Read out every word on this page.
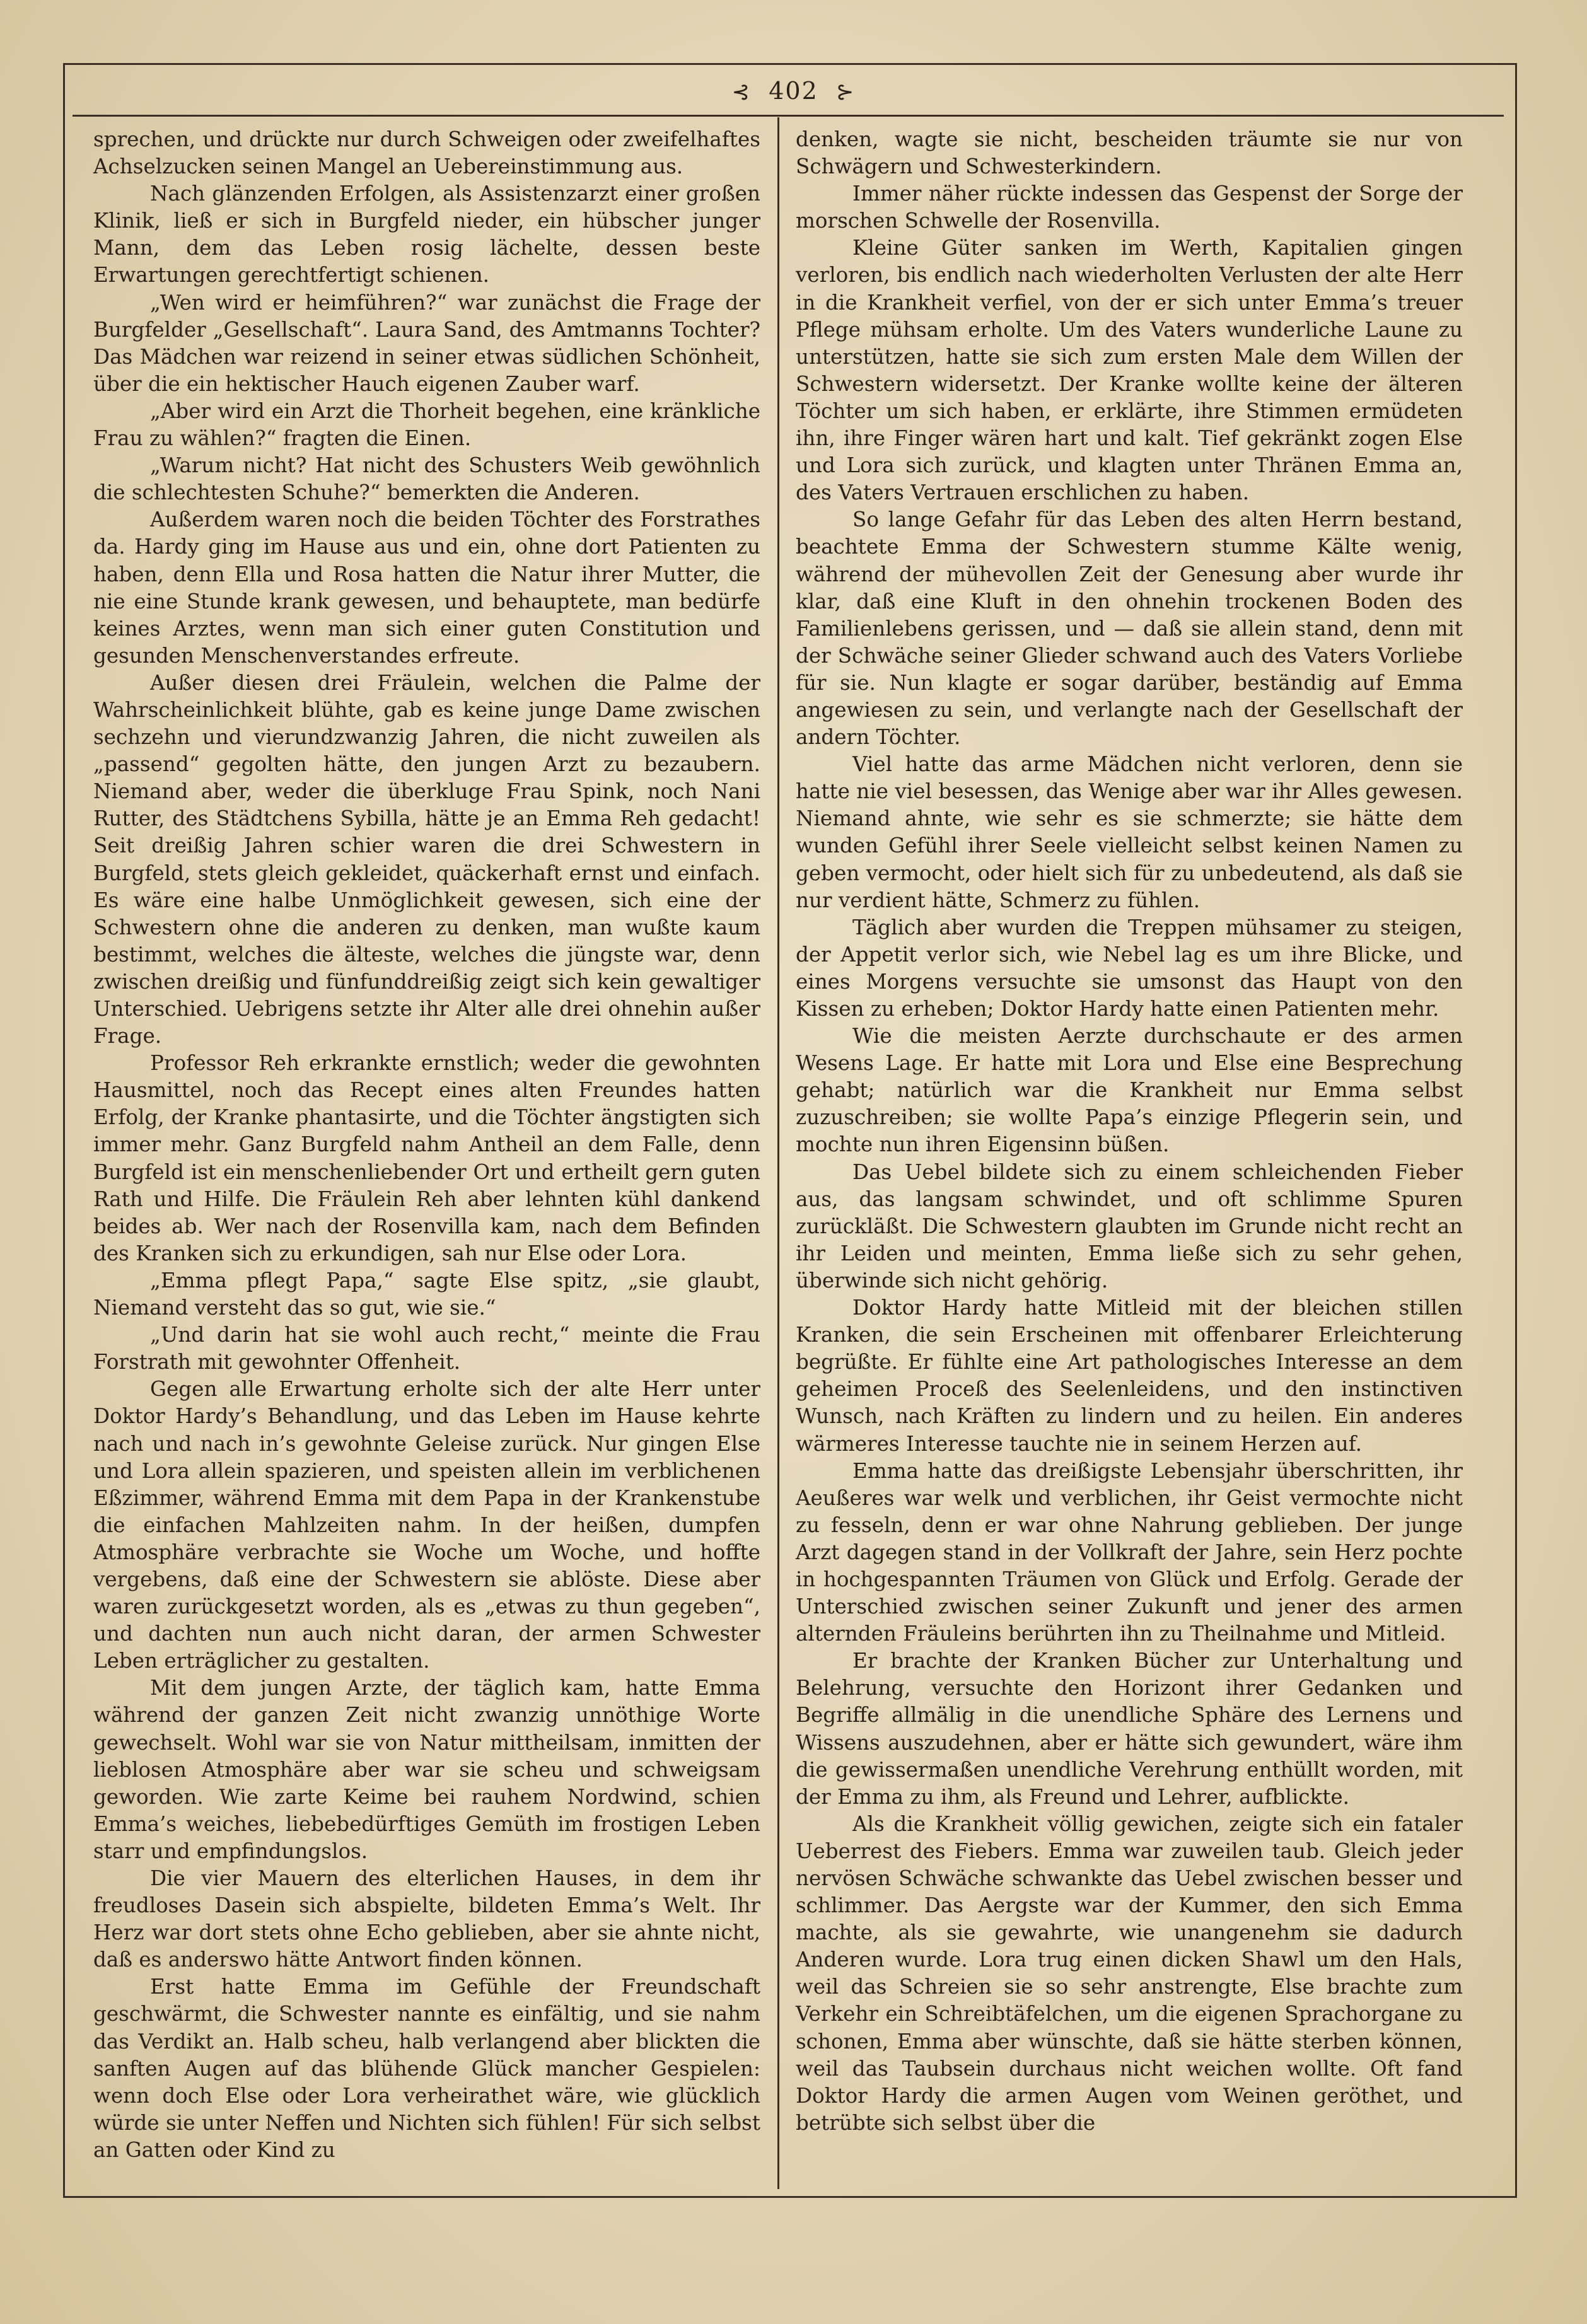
⊰ 402 ⊱

sprechen, und drückte nur durch Schweigen oder zweifelhaftes Achselzucken seinen Mangel an Uebereinstimmung aus.

Nach glänzenden Erfolgen, als Assistenzarzt einer großen Klinik, ließ er sich in Burgfeld nieder, ein hübscher junger Mann, dem das Leben rosig lächelte, dessen beste Erwartungen gerechtfertigt schienen.

„Wen wird er heimführen?“ war zunächst die Frage der Burgfelder „Gesellschaft“. Laura Sand, des Amtmanns Tochter? Das Mädchen war reizend in seiner etwas südlichen Schönheit, über die ein hektischer Hauch eigenen Zauber warf.

„Aber wird ein Arzt die Thorheit begehen, eine kränkliche Frau zu wählen?“ fragten die Einen.

„Warum nicht? Hat nicht des Schusters Weib gewöhnlich die schlechtesten Schuhe?“ bemerkten die Anderen.

Außerdem waren noch die beiden Töchter des Forstrathes da. Hardy ging im Hause aus und ein, ohne dort Patienten zu haben, denn Ella und Rosa hatten die Natur ihrer Mutter, die nie eine Stunde krank gewesen, und behauptete, man bedürfe keines Arztes, wenn man sich einer guten Constitution und gesunden Menschenverstandes erfreute.

Außer diesen drei Fräulein, welchen die Palme der Wahrscheinlichkeit blühte, gab es keine junge Dame zwischen sechzehn und vierundzwanzig Jahren, die nicht zuweilen als „passend“ gegolten hätte, den jungen Arzt zu bezaubern. Niemand aber, weder die überkluge Frau Spink, noch Nani Rutter, des Städtchens Sybilla, hätte je an Emma Reh gedacht! Seit dreißig Jahren schier waren die drei Schwestern in Burgfeld, stets gleich gekleidet, quäckerhaft ernst und einfach. Es wäre eine halbe Unmöglichkeit gewesen, sich eine der Schwestern ohne die anderen zu denken, man wußte kaum bestimmt, welches die älteste, welches die jüngste war, denn zwischen dreißig und fünfunddreißig zeigt sich kein gewaltiger Unterschied. Uebrigens setzte ihr Alter alle drei ohnehin außer Frage.

Professor Reh erkrankte ernstlich; weder die gewohnten Hausmittel, noch das Recept eines alten Freundes hatten Erfolg, der Kranke phantasirte, und die Töchter ängstigten sich immer mehr. Ganz Burgfeld nahm Antheil an dem Falle, denn Burgfeld ist ein menschenliebender Ort und ertheilt gern guten Rath und Hilfe. Die Fräulein Reh aber lehnten kühl dankend beides ab. Wer nach der Rosenvilla kam, nach dem Befinden des Kranken sich zu erkundigen, sah nur Else oder Lora.

„Emma pflegt Papa,“ sagte Else spitz, „sie glaubt, Niemand versteht das so gut, wie sie.“

„Und darin hat sie wohl auch recht,“ meinte die Frau Forstrath mit gewohnter Offenheit.

Gegen alle Erwartung erholte sich der alte Herr unter Doktor Hardy’s Behandlung, und das Leben im Hause kehrte nach und nach in’s gewohnte Geleise zurück. Nur gingen Else und Lora allein spazieren, und speisten allein im verblichenen Eßzimmer, während Emma mit dem Papa in der Krankenstube die einfachen Mahlzeiten nahm. In der heißen, dumpfen Atmosphäre verbrachte sie Woche um Woche, und hoffte vergebens, daß eine der Schwestern sie ablöste. Diese aber waren zurückgesetzt worden, als es „etwas zu thun gegeben“, und dachten nun auch nicht daran, der armen Schwester Leben erträglicher zu gestalten.

Mit dem jungen Arzte, der täglich kam, hatte Emma während der ganzen Zeit nicht zwanzig unnöthige Worte gewechselt. Wohl war sie von Natur mittheilsam, inmitten der lieblosen Atmosphäre aber war sie scheu und schweigsam geworden. Wie zarte Keime bei rauhem Nordwind, schien Emma’s weiches, liebebedürftiges Gemüth im frostigen Leben starr und empfindungslos.

Die vier Mauern des elterlichen Hauses, in dem ihr freudloses Dasein sich abspielte, bildeten Emma’s Welt. Ihr Herz war dort stets ohne Echo geblieben, aber sie ahnte nicht, daß es anderswo hätte Antwort finden können.

Erst hatte Emma im Gefühle der Freundschaft geschwärmt, die Schwester nannte es einfältig, und sie nahm das Verdikt an. Halb scheu, halb verlangend aber blickten die sanften Augen auf das blühende Glück mancher Gespielen: wenn doch Else oder Lora verheirathet wäre, wie glücklich würde sie unter Neffen und Nichten sich fühlen! Für sich selbst an Gatten oder Kind zu

denken, wagte sie nicht, bescheiden träumte sie nur von Schwägern und Schwesterkindern.

Immer näher rückte indessen das Gespenst der Sorge der morschen Schwelle der Rosenvilla.

Kleine Güter sanken im Werth, Kapitalien gingen verloren, bis endlich nach wiederholten Verlusten der alte Herr in die Krankheit verfiel, von der er sich unter Emma’s treuer Pflege mühsam erholte. Um des Vaters wunderliche Laune zu unterstützen, hatte sie sich zum ersten Male dem Willen der Schwestern widersetzt. Der Kranke wollte keine der älteren Töchter um sich haben, er erklärte, ihre Stimmen ermüdeten ihn, ihre Finger wären hart und kalt. Tief gekränkt zogen Else und Lora sich zurück, und klagten unter Thränen Emma an, des Vaters Vertrauen erschlichen zu haben.

So lange Gefahr für das Leben des alten Herrn bestand, beachtete Emma der Schwestern stumme Kälte wenig, während der mühevollen Zeit der Genesung aber wurde ihr klar, daß eine Kluft in den ohnehin trockenen Boden des Familienlebens gerissen, und — daß sie allein stand, denn mit der Schwäche seiner Glieder schwand auch des Vaters Vorliebe für sie. Nun klagte er sogar darüber, beständig auf Emma angewiesen zu sein, und verlangte nach der Gesellschaft der andern Töchter.

Viel hatte das arme Mädchen nicht verloren, denn sie hatte nie viel besessen, das Wenige aber war ihr Alles gewesen. Niemand ahnte, wie sehr es sie schmerzte; sie hätte dem wunden Gefühl ihrer Seele vielleicht selbst keinen Namen zu geben vermocht, oder hielt sich für zu unbedeutend, als daß sie nur verdient hätte, Schmerz zu fühlen.

Täglich aber wurden die Treppen mühsamer zu steigen, der Appetit verlor sich, wie Nebel lag es um ihre Blicke, und eines Morgens versuchte sie umsonst das Haupt von den Kissen zu erheben; Doktor Hardy hatte einen Patienten mehr.

Wie die meisten Aerzte durchschaute er des armen Wesens Lage. Er hatte mit Lora und Else eine Besprechung gehabt; natürlich war die Krankheit nur Emma selbst zuzuschreiben; sie wollte Papa’s einzige Pflegerin sein, und mochte nun ihren Eigensinn büßen.

Das Uebel bildete sich zu einem schleichenden Fieber aus, das langsam schwindet, und oft schlimme Spuren zurückläßt. Die Schwestern glaubten im Grunde nicht recht an ihr Leiden und meinten, Emma ließe sich zu sehr gehen, überwinde sich nicht gehörig.

Doktor Hardy hatte Mitleid mit der bleichen stillen Kranken, die sein Erscheinen mit offenbarer Erleichterung begrüßte. Er fühlte eine Art pathologisches Interesse an dem geheimen Proceß des Seelenleidens, und den instinctiven Wunsch, nach Kräften zu lindern und zu heilen. Ein anderes wärmeres Interesse tauchte nie in seinem Herzen auf.

Emma hatte das dreißigste Lebensjahr überschritten, ihr Aeußeres war welk und verblichen, ihr Geist vermochte nicht zu fesseln, denn er war ohne Nahrung geblieben. Der junge Arzt dagegen stand in der Vollkraft der Jahre, sein Herz pochte in hochgespannten Träumen von Glück und Erfolg. Gerade der Unterschied zwischen seiner Zukunft und jener des armen alternden Fräuleins berührten ihn zu Theilnahme und Mitleid.

Er brachte der Kranken Bücher zur Unterhaltung und Belehrung, versuchte den Horizont ihrer Gedanken und Begriffe allmälig in die unendliche Sphäre des Lernens und Wissens auszudehnen, aber er hätte sich gewundert, wäre ihm die gewissermaßen unendliche Verehrung enthüllt worden, mit der Emma zu ihm, als Freund und Lehrer, aufblickte.

Als die Krankheit völlig gewichen, zeigte sich ein fataler Ueberrest des Fiebers. Emma war zuweilen taub. Gleich jeder nervösen Schwäche schwankte das Uebel zwischen besser und schlimmer. Das Aergste war der Kummer, den sich Emma machte, als sie gewahrte, wie unangenehm sie dadurch Anderen wurde. Lora trug einen dicken Shawl um den Hals, weil das Schreien sie so sehr anstrengte, Else brachte zum Verkehr ein Schreibtäfelchen, um die eigenen Sprachorgane zu schonen, Emma aber wünschte, daß sie hätte sterben können, weil das Taubsein durchaus nicht weichen wollte. Oft fand Doktor Hardy die armen Augen vom Weinen geröthet, und betrübte sich selbst über die
